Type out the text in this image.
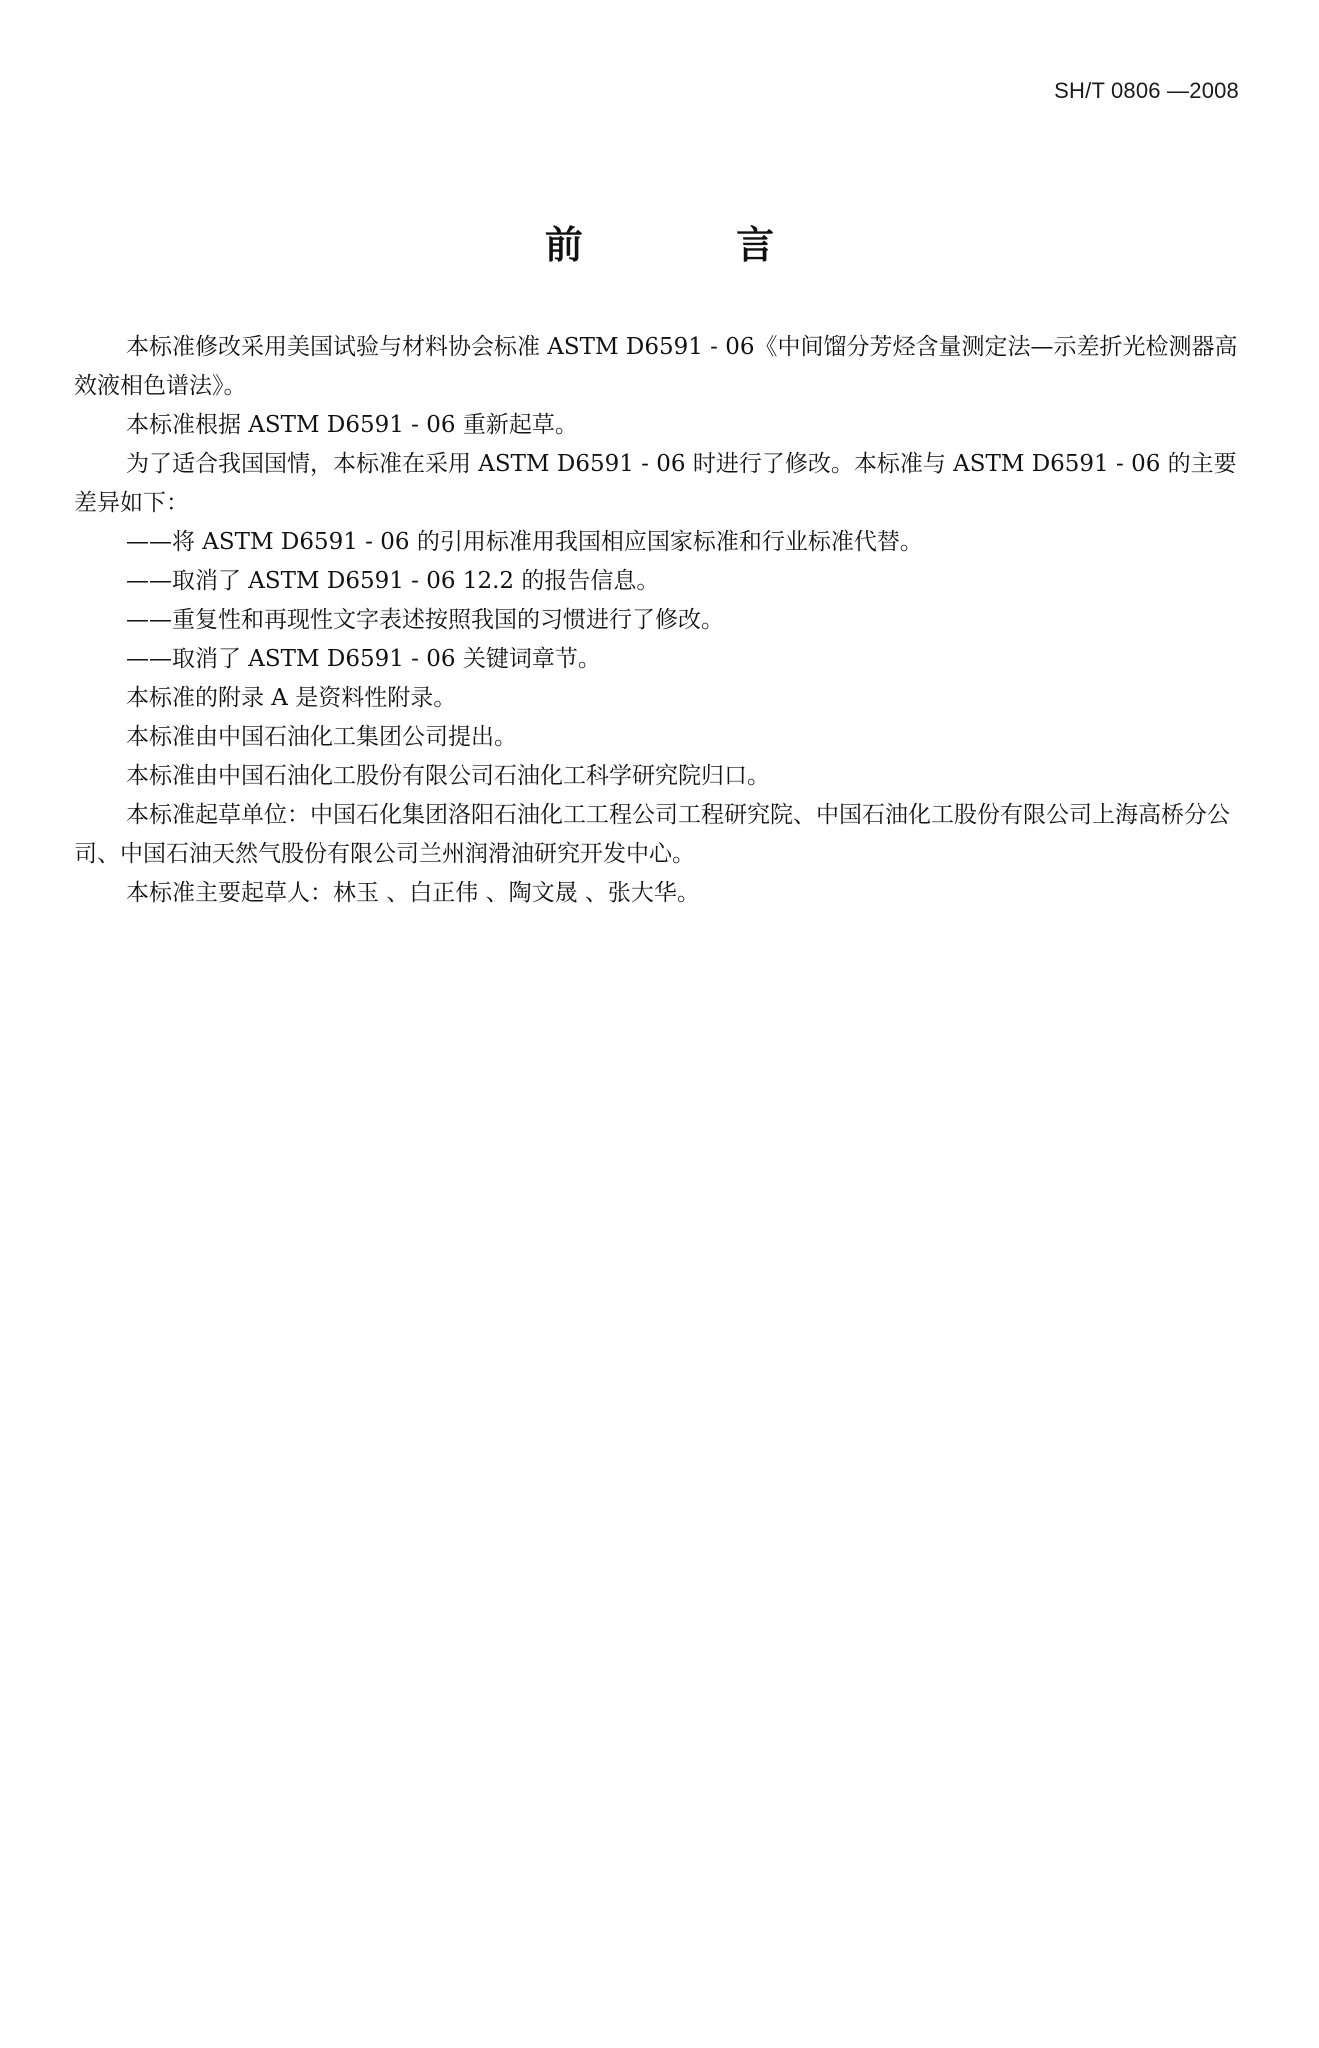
SH/T 0806 —2008
前 言

本标准修改采用美国试验与材料协会标准 ASTM D6591 - 06《中间馏分芳烃含量测定法—示差折光检测器高效液相色谱法》。

本标准根据 ASTM D6591 - 06 重新起草。

为了适合我国国情，本标准在采用 ASTM D6591 - 06 时进行了修改。本标准与 ASTM D6591 - 06 的主要差异如下：

——将 ASTM D6591 - 06 的引用标准用我国相应国家标准和行业标准代替。

——取消了 ASTM D6591 - 06 12.2 的报告信息。

——重复性和再现性文字表述按照我国的习惯进行了修改。

——取消了 ASTM D6591 - 06 关键词章节。

本标准的附录 A 是资料性附录。

本标准由中国石油化工集团公司提出。

本标准由中国石油化工股份有限公司石油化工科学研究院归口。

本标准起草单位：中国石化集团洛阳石油化工工程公司工程研究院、中国石油化工股份有限公司上海高桥分公司、中国石油天然气股份有限公司兰州润滑油研究开发中心。

本标准主要起草人：林玉 、白正伟 、陶文晟 、张大华。
